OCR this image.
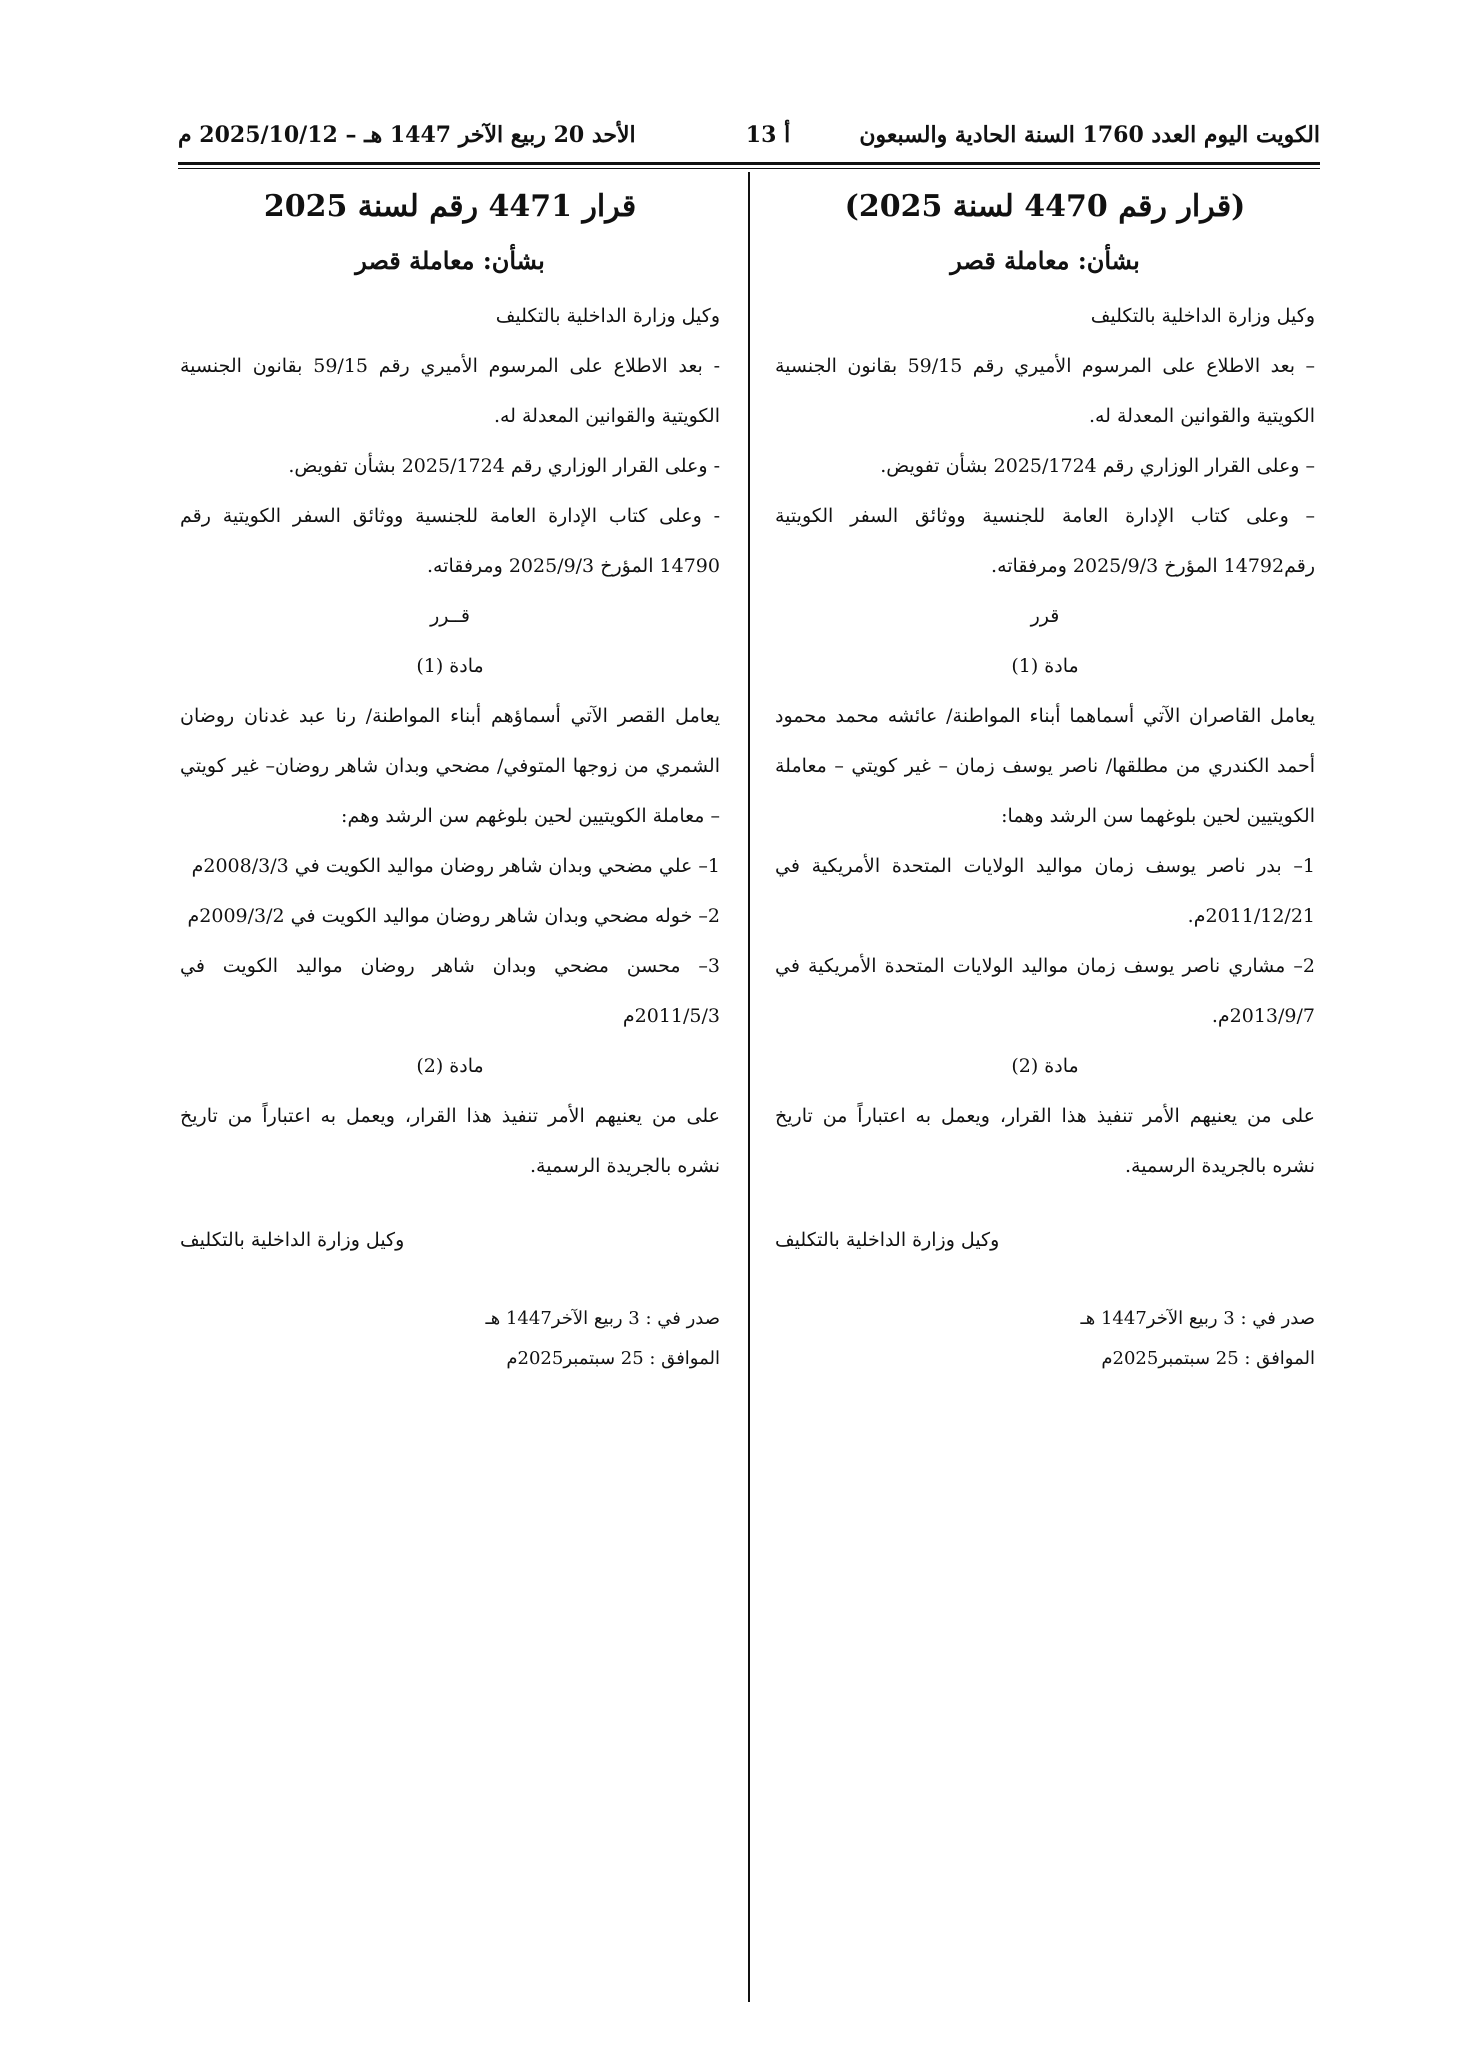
الكويت اليوم العدد 1760 السنة الحادية والسبعون
أ 13
الأحد 20 ربيع الآخر 1447 هـ – 2025/10/12 م

(قرار رقم 4470 لسنة 2025)

بشأن: معاملة قصر

وكيل وزارة الداخلية بالتكليف

– بعد الاطلاع على المرسوم الأميري رقم 59/15 بقانون الجنسية الكويتية والقوانين المعدلة له.

– وعلى القرار الوزاري رقم 2025/1724 بشأن تفويض.

– وعلى كتاب الإدارة العامة للجنسية ووثائق السفر الكويتية رقم14792 المؤرخ 2025/9/3 ومرفقاته.

قرر

مادة (1)

يعامل القاصران الآتي أسماهما أبناء المواطنة/ عائشه محمد محمود أحمد الكندري من مطلقها/ ناصر يوسف زمان – غير كويتي – معاملة الكويتيين لحين بلوغهما سن الرشد وهما:

1– بدر ناصر يوسف زمان مواليد الولايات المتحدة الأمريكية في 2011/12/21م.

2– مشاري ناصر يوسف زمان مواليد الولايات المتحدة الأمريكية في 2013/9/7م.

مادة (2)

على من يعنيهم الأمر تنفيذ هذا القرار، ويعمل به اعتباراً من تاريخ نشره بالجريدة الرسمية.

وكيل وزارة الداخلية بالتكليف

صدر في : 3 ربيع الآخر1447 هـ

الموافق : 25 سبتمبر2025م

قرار 4471 رقم لسنة 2025

بشأن: معاملة قصر

وكيل وزارة الداخلية بالتكليف

- بعد الاطلاع على المرسوم الأميري رقم 59/15 بقانون الجنسية الكويتية والقوانين المعدلة له.

- وعلى القرار الوزاري رقم 2025/1724 بشأن تفويض.

- وعلى كتاب الإدارة العامة للجنسية ووثائق السفر الكويتية رقم 14790 المؤرخ 2025/9/3 ومرفقاته.

قــرر

مادة (1)

يعامل القصر الآتي أسماؤهم أبناء المواطنة/ رنا عبد غدنان روضان الشمري من زوجها المتوفي/ مضحي وبدان شاهر روضان– غير كويتي – معاملة الكويتيين لحين بلوغهم سن الرشد وهم:

1– علي مضحي وبدان شاهر روضان مواليد الكويت في 2008/3/3م

2– خوله مضحي وبدان شاهر روضان مواليد الكويت في 2009/3/2م

3– محسن مضحي وبدان شاهر روضان مواليد الكويت في 2011/5/3م

مادة (2)

على من يعنيهم الأمر تنفيذ هذا القرار، ويعمل به اعتباراً من تاريخ نشره بالجريدة الرسمية.

وكيل وزارة الداخلية بالتكليف

صدر في : 3 ربيع الآخر1447 هـ

الموافق : 25 سبتمبر2025م
